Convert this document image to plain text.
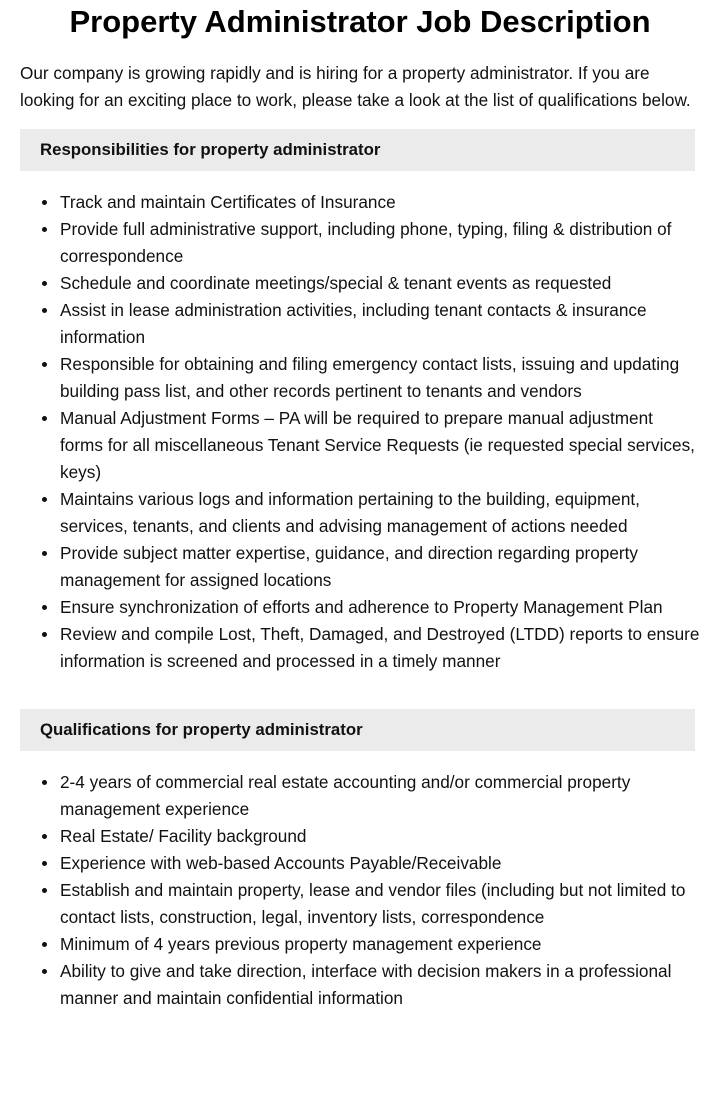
Property Administrator Job Description

Our company is growing rapidly and is hiring for a property administrator. If you are looking for an exciting place to work, please take a look at the list of qualifications below.

Responsibilities for property administrator
Track and maintain Certificates of Insurance
Provide full administrative support, including phone, typing, filing & distribution of correspondence
Schedule and coordinate meetings/special & tenant events as requested
Assist in lease administration activities, including tenant contacts & insurance information
Responsible for obtaining and filing emergency contact lists, issuing and updating building pass list, and other records pertinent to tenants and vendors
Manual Adjustment Forms – PA will be required to prepare manual adjustment forms for all miscellaneous Tenant Service Requests (ie requested special services, keys)
Maintains various logs and information pertaining to the building, equipment, services, tenants, and clients and advising management of actions needed
Provide subject matter expertise, guidance, and direction regarding property management for assigned locations
Ensure synchronization of efforts and adherence to Property Management Plan
Review and compile Lost, Theft, Damaged, and Destroyed (LTDD) reports to ensure information is screened and processed in a timely manner
Qualifications for property administrator
2-4 years of commercial real estate accounting and/or commercial property management experience
Real Estate/ Facility background
Experience with web-based Accounts Payable/Receivable
Establish and maintain property, lease and vendor files (including but not limited to contact lists, construction, legal, inventory lists, correspondence
Minimum of 4 years previous property management experience
Ability to give and take direction, interface with decision makers in a professional manner and maintain confidential information
